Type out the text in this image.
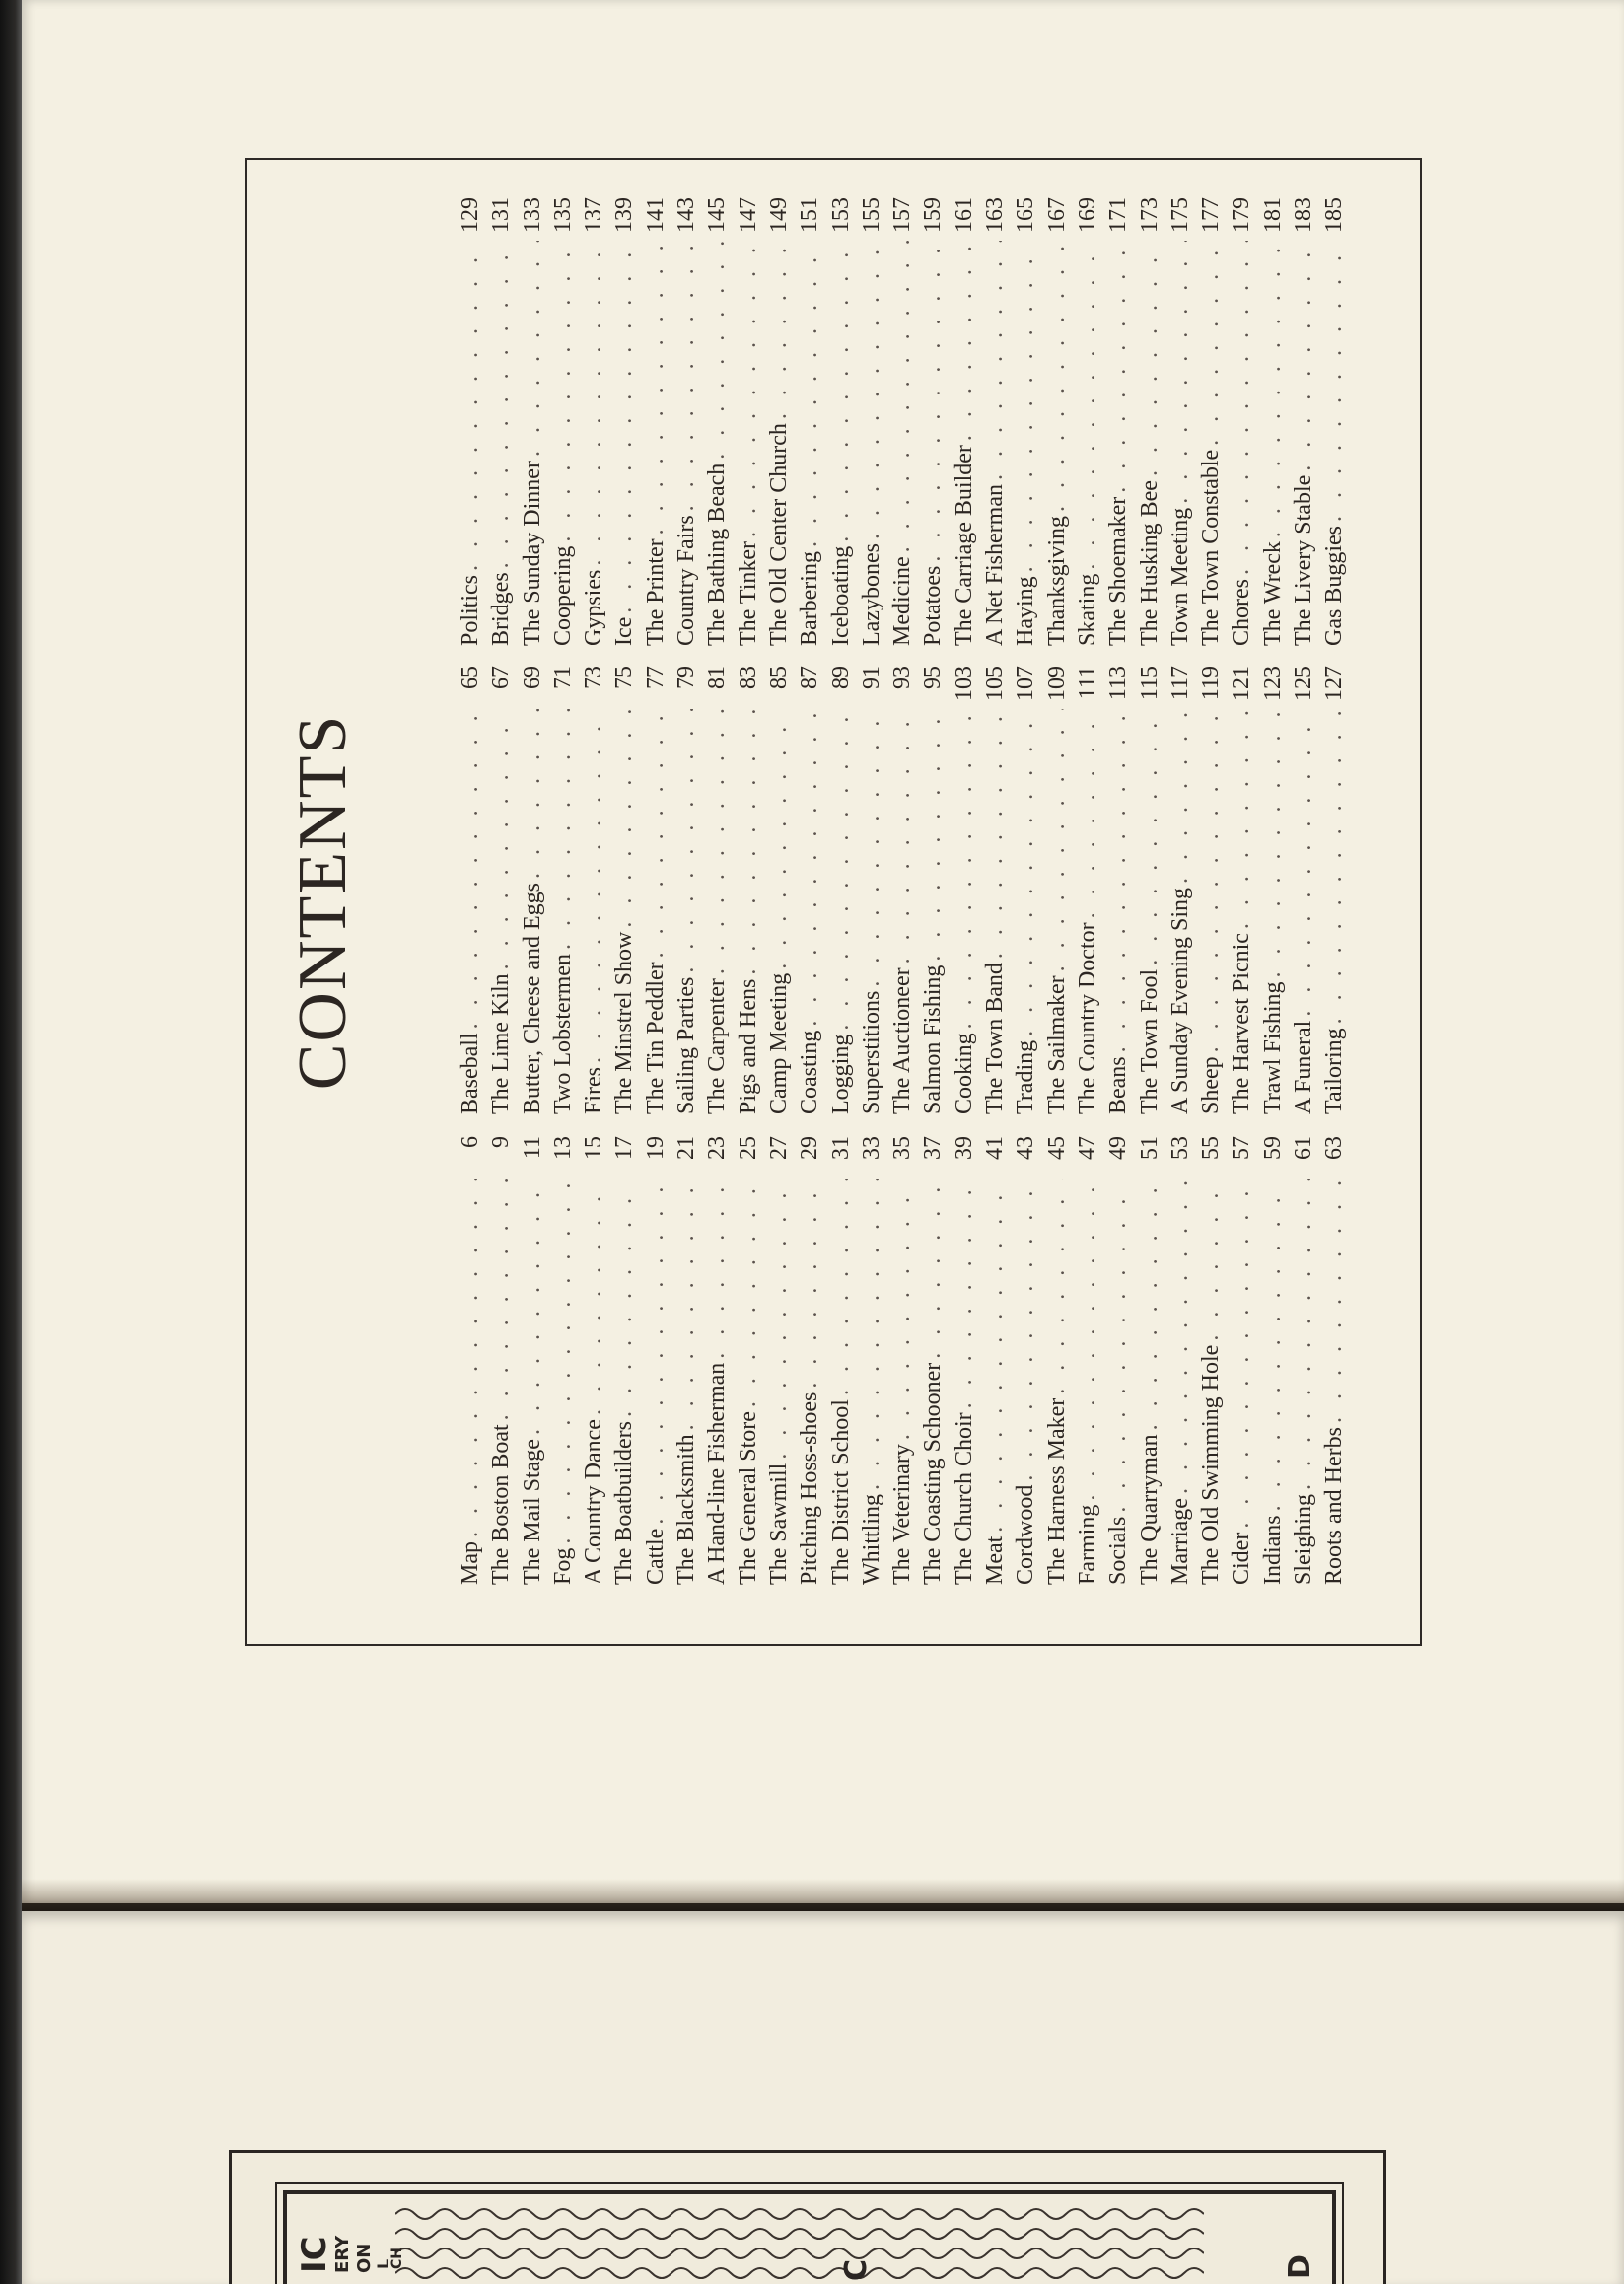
CONTENTS
Map
. . .
6
The Boston Boat
. . .
9
The Mail Stage
. . .
11
Fog
. . .
13
A Country Dance
. . .
15
The Boatbuilders
. . .
17
Cattle
. . .
19
The Blacksmith
. . .
21
A Hand-line Fisherman
. . .
23
The General Store
. . .
25
The Sawmill
. . .
27
Pitching Hoss-shoes
. . .
29
The District School
. . .
31
Whittling
. . .
33
The Veterinary
. . .
35
The Coasting Schooner
. . .
37
The Church Choir
. . .
39
Meat
. . .
41
Cordwood
. . .
43
The Harness Maker
. . .
45
Farming
. . .
47
Socials
. . .
49
The Quarryman
. . .
51
Marriage
. . .
53
The Old Swimming Hole
. . .
55
Cider
. . .
57
Indians
. . .
59
Sleighing
. . .
61
Roots and Herbs
. . .
63
Baseball
. . .
65
The Lime Kiln
. . .
67
Butter, Cheese and Eggs
. . .
69
Two Lobstermen
. . .
71
Fires
. . .
73
The Minstrel Show
. . .
75
The Tin Peddler
. . .
77
Sailing Parties
. . .
79
The Carpenter
. . .
81
Pigs and Hens
. . .
83
Camp Meeting
. . .
85
Coasting
. . .
87
Logging
. . .
89
Superstitions
. . .
91
The Auctioneer
. . .
93
Salmon Fishing
. . .
95
Cooking
. . .
103
The Town Band
. . .
105
Trading
. . .
107
The Sailmaker
. . .
109
The Country Doctor
. . .
111
Beans
. . .
113
The Town Fool
. . .
115
A Sunday Evening Sing
. . .
117
Sheep
. . .
119
The Harvest Picnic
. . .
121
Trawl Fishing
. . .
123
A Funeral
. . .
125
Tailoring
. . .
127
Politics
. . .
129
Bridges
. . .
131
The Sunday Dinner
. . .
133
Coopering
. . .
135
Gypsies
. . .
137
Ice
. . .
139
The Printer
. . .
141
Country Fairs
. . .
143
The Bathing Beach
. . .
145
The Tinker
. . .
147
The Old Center Church
. . .
149
Barbering
. . .
151
Iceboating
. . .
153
Lazybones
. . .
155
Medicine
. . .
157
Potatoes
. . .
159
The Carriage Builder
. . .
161
A Net Fisherman
. . .
163
Haying
. . .
165
Thanksgiving
. . .
167
Skating
. . .
169
The Shoemaker
. . .
171
The Husking Bee
. . .
173
Town Meeting
. . .
175
The Town Constable
. . .
177
Chores
. . .
179
The Wreck
. . .
181
The Livery Stable
. . .
183
Gas Buggies
. . .
185
IC
ERY ON L
CH
C	D
